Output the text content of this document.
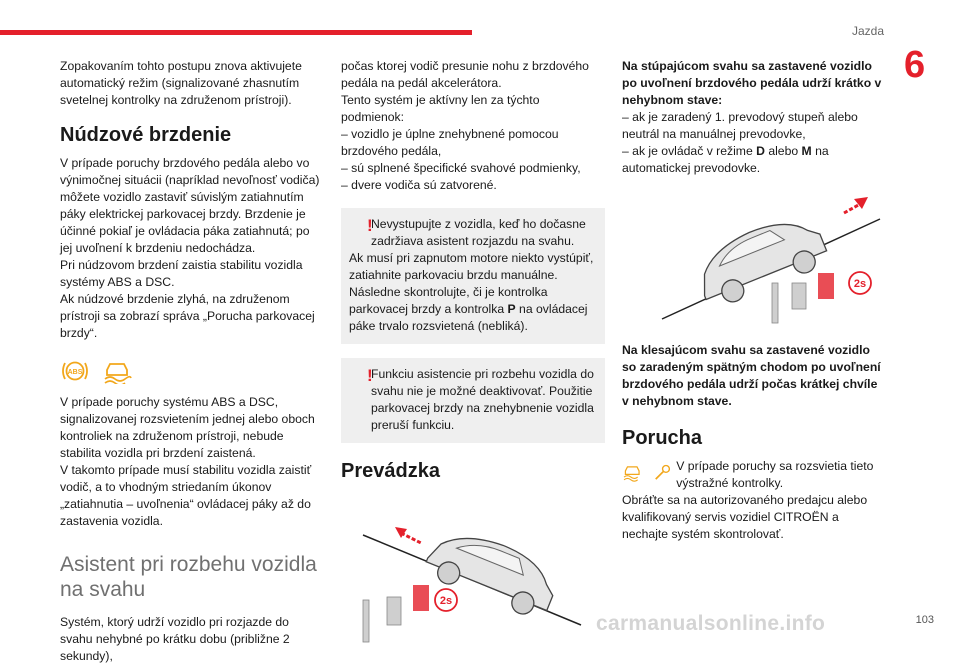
Jazda
6

Zopakovaním tohto postupu znova aktivujete automatický režim (signalizované zhasnutím svetelnej kontrolky na združenom prístroji).

Núdzové brzdenie

V prípade poruchy brzdového pedála alebo vo výnimočnej situácii (napríklad nevoľnosť vodiča) môžete vozidlo zastaviť súvislým zatiahnutím páky elektrickej parkovacej brzdy. Brzdenie je účinné pokiaľ je ovládacia páka zatiahnutá; po jej uvoľnení k brzdeniu nedochádza.

Pri núdzovom brzdení zaistia stabilitu vozidla systémy ABS a DSC.

Ak núdzové brzdenie zlyhá, na združenom prístroji sa zobrazí správa „Porucha parkovacej brzdy“.

ABS

V prípade poruchy systému ABS a DSC, signalizovanej rozsvietením jednej alebo oboch kontroliek na združenom prístroji, nebude stabilita vozidla pri brzdení zaistená.

V takomto prípade musí stabilitu vozidla zaistiť vodič, a to vhodným striedaním úkonov „zatiahnutia – uvoľnenia“ ovládacej páky až do zastavenia vozidla.

Asistent pri rozbehu vozidla na svahu

Systém, ktorý udrží vozidlo pri rozjazde do svahu nehybné po krátku dobu (približne 2 sekundy),

počas ktorej vodič presunie nohu z brzdového pedála na pedál akcelerátora.

Tento systém je aktívny len za týchto podmienok:

– vozidlo je úplne znehybnené pomocou brzdového pedála,

– sú splnené špecifické svahové podmienky,

– dvere vodiča sú zatvorené.

!

Nevystupujte z vozidla, keď ho dočasne zadržiava asistent rozjazdu na svahu.

Ak musí pri zapnutom motore niekto vystúpiť, zatiahnite parkovaciu brzdu manuálne. Následne skontrolujte, či je kontrolka parkovacej brzdy a kontrolka P na ovládacej páke trvalo rozsvietená (nebliká).

!

Funkciu asistencie pri rozbehu vozidla do svahu nie je možné deaktivovať. Použitie parkovacej brzdy na znehybnenie vozidla preruší funkciu.

Prevádzka
2s

Na stúpajúcom svahu sa zastavené vozidlo po uvoľnení brzdového pedála udrží krátko v nehybnom stave:

– ak je zaradený 1. prevodový stupeň alebo neutrál na manuálnej prevodovke,

– ak je ovládač v režime D alebo M na automatickej prevodovke.

2s

Na klesajúcom svahu sa zastavené vozidlo so zaradeným spätným chodom po uvoľnení brzdového pedála udrží počas krátkej chvíle v nehybnom stave.

Porucha

V prípade poruchy sa rozsvietia tieto výstražné kontrolky.

Obráťte sa na autorizovaného predajcu alebo kvalifikovaný servis vozidiel CITROËN a nechajte systém skontrolovať.

carmanualsonline.info	103
